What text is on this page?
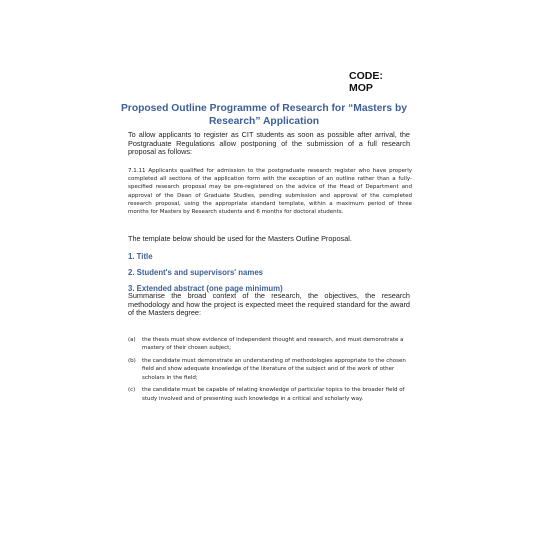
CODE:
MOP
Proposed Outline Programme of Research for “Masters by Research” Application
To allow applicants to register as CIT students as soon as possible after arrival, the Postgraduate Regulations allow postponing of the submission of a full research proposal as follows:
7.1.11 Applicants qualified for admission to the postgraduate research register who have properly completed all sections of the application form with the exception of an outline rather than a fully-specified research proposal may be pre-registered on the advice of the Head of Department and approval of the Dean of Graduate Studies, pending submission and approval of the completed research proposal, using the appropriate standard template, within a maximum period of three months for Masters by Research students and 6 months for doctoral students.
The template below should be used for the Masters Outline Proposal.
1. Title
2. Student's and supervisors' names
3. Extended abstract (one page minimum)
Summarise the broad context of the research, the objectives, the research methodology and how the project is expected meet the required standard for the award of the Masters degree:
(a)	the thesis must show evidence of independent thought and research, and must demonstrate a mastery of their chosen subject;
(b)	the candidate must demonstrate an understanding of methodologies appropriate to the chosen field and show adequate knowledge of the literature of the subject and of the work of other scholars in the field;
(c)	the candidate must be capable of relating knowledge of particular topics to the broader field of study involved and of presenting such knowledge in a critical and scholarly way.
